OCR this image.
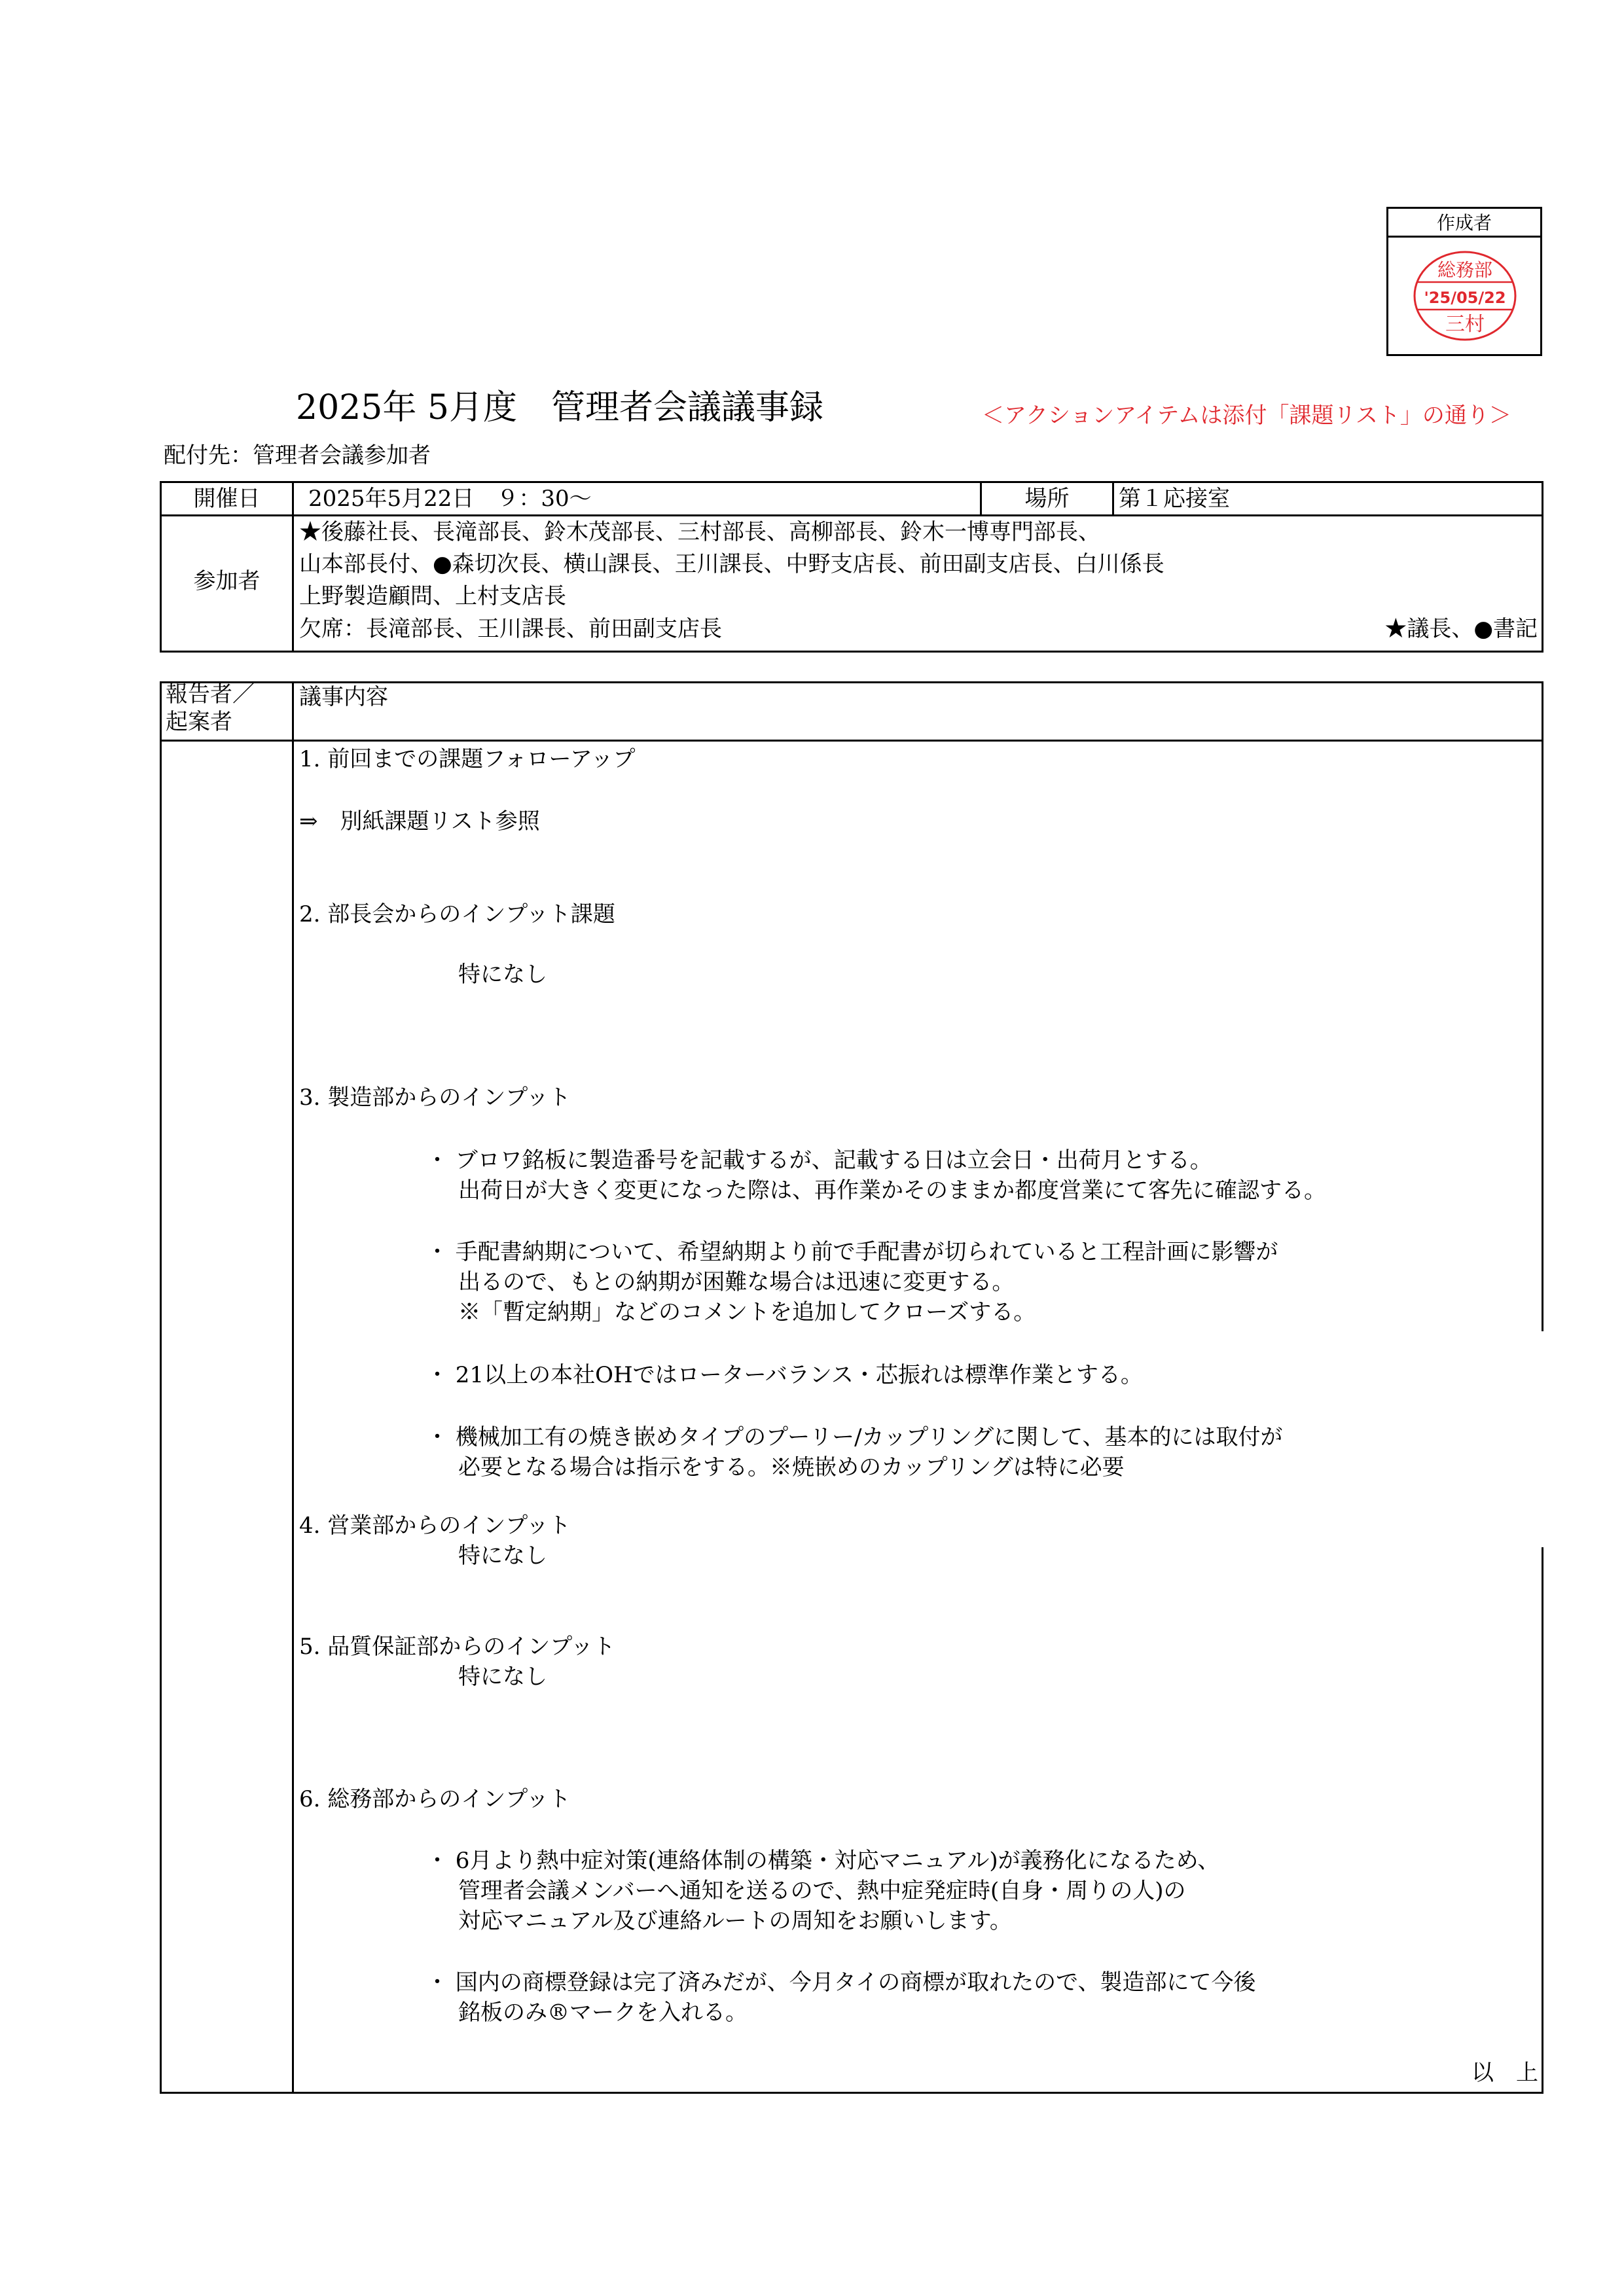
作成者
総務部
'25/05/22
三村
2025年 5月度　管理者会議議事録	＜アクションアイテムは添付「課題リスト」の通り＞
配付先：管理者会議参加者
開催日	2025年5月22日　９：30～	場所	第１応接室
参加者
★後藤社長、長滝部長、鈴木茂部長、三村部長、高柳部長、鈴木一博専門部長、
山本部長付、●森切次長、横山課長、王川課長、中野支店長、前田副支店長、白川係長
上野製造顧問、上村支店長
欠席：長滝部長、王川課長、前田副支店長	★議長、●書記
報告者／
起案者
議事内容
1. 前回までの課題フォローアップ
⇒　別紙課題リスト参照
2. 部長会からのインプット課題
特になし
3. 製造部からのインプット
・ ブロワ銘板に製造番号を記載するが、記載する日は立会日・出荷月とする。
出荷日が大きく変更になった際は、再作業かそのままか都度営業にて客先に確認する。
・ 手配書納期について、希望納期より前で手配書が切られていると工程計画に影響が
出るので、もとの納期が困難な場合は迅速に変更する。
※「暫定納期」などのコメントを追加してクローズする。
・ 21以上の本社OHではローターバランス・芯振れは標準作業とする。
・ 機械加工有の焼き嵌めタイプのプーリー/カップリングに関して、基本的には取付が
必要となる場合は指示をする。※焼嵌めのカップリングは特に必要
4. 営業部からのインプット
特になし
5. 品質保証部からのインプット
特になし
6. 総務部からのインプット
・ 6月より熱中症対策(連絡体制の構築・対応マニュアル)が義務化になるため、
管理者会議メンバーへ通知を送るので、熱中症発症時(自身・周りの人)の
対応マニュアル及び連絡ルートの周知をお願いします。
・ 国内の商標登録は完了済みだが、今月タイの商標が取れたので、製造部にて今後
銘板のみ®マークを入れる。
以　上
